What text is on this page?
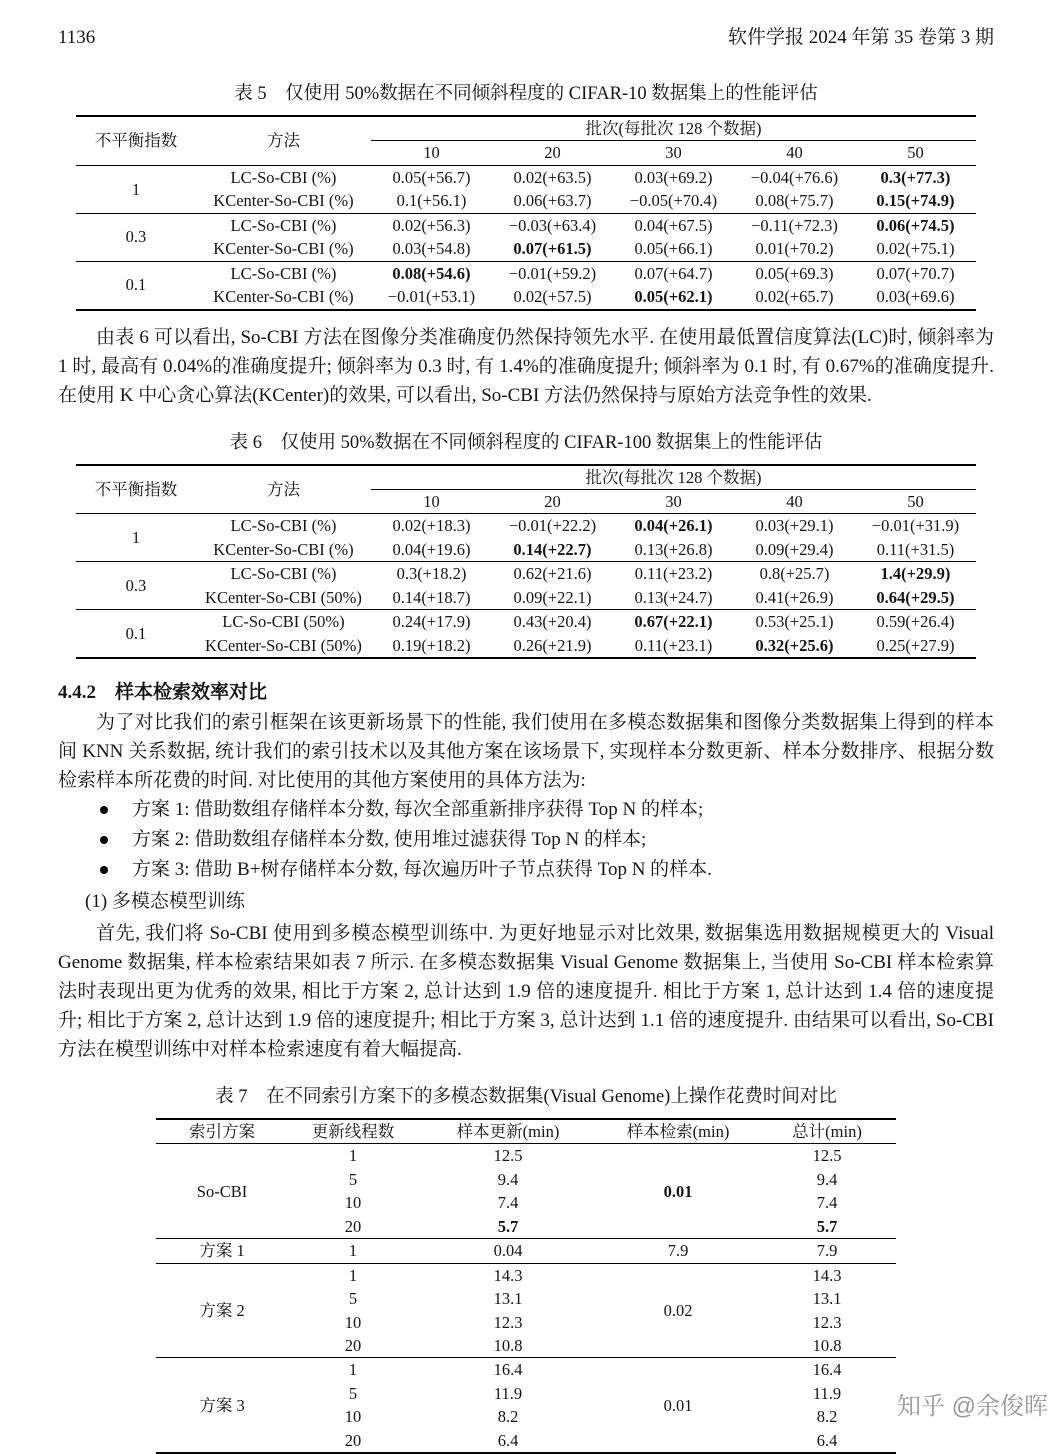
1136	软件学报 2024 年第 35 卷第 3 期
表 5　仅使用 50%数据在不同倾斜程度的 CIFAR-10 数据集上的性能评估
不平衡指数	方法	批次(每批次 128 个数据)				
		10	20	30	40	50
1	LC-So-CBI (%)	0.05(+56.7)	0.02(+63.5)	0.03(+69.2)	−0.04(+76.6)	0.3(+77.3)
	KCenter-So-CBI (%)	0.1(+56.1)	0.06(+63.7)	−0.05(+70.4)	0.08(+75.7)	0.15(+74.9)
0.3	LC-So-CBI (%)	0.02(+56.3)	−0.03(+63.4)	0.04(+67.5)	−0.11(+72.3)	0.06(+74.5)
	KCenter-So-CBI (%)	0.03(+54.8)	0.07(+61.5)	0.05(+66.1)	0.01(+70.2)	0.02(+75.1)
0.1	LC-So-CBI (%)	0.08(+54.6)	−0.01(+59.2)	0.07(+64.7)	0.05(+69.3)	0.07(+70.7)
	KCenter-So-CBI (%)	−0.01(+53.1)	0.02(+57.5)	0.05(+62.1)	0.02(+65.7)	0.03(+69.6)

由表 6 可以看出, So-CBI 方法在图像分类准确度仍然保持领先水平. 在使用最低置信度算法(LC)时, 倾斜率为 1 时, 最高有 0.04%的准确度提升; 倾斜率为 0.3 时, 有 1.4%的准确度提升; 倾斜率为 0.1 时, 有 0.67%的准确度提升. 在使用 K 中心贪心算法(KCenter)的效果, 可以看出, So-CBI 方法仍然保持与原始方法竞争性的效果.

表 6　仅使用 50%数据在不同倾斜程度的 CIFAR-100 数据集上的性能评估
不平衡指数	方法	批次(每批次 128 个数据)				
		10	20	30	40	50
1	LC-So-CBI (%)	0.02(+18.3)	−0.01(+22.2)	0.04(+26.1)	0.03(+29.1)	−0.01(+31.9)
	KCenter-So-CBI (%)	0.04(+19.6)	0.14(+22.7)	0.13(+26.8)	0.09(+29.4)	0.11(+31.5)
0.3	LC-So-CBI (%)	0.3(+18.2)	0.62(+21.6)	0.11(+23.2)	0.8(+25.7)	1.4(+29.9)
	KCenter-So-CBI (50%)	0.14(+18.7)	0.09(+22.1)	0.13(+24.7)	0.41(+26.9)	0.64(+29.5)
0.1	LC-So-CBI (50%)	0.24(+17.9)	0.43(+20.4)	0.67(+22.1)	0.53(+25.1)	0.59(+26.4)
	KCenter-So-CBI (50%)	0.19(+18.2)	0.26(+21.9)	0.11(+23.1)	0.32(+25.6)	0.25(+27.9)
4.4.2　样本检索效率对比

为了对比我们的索引框架在该更新场景下的性能, 我们使用在多模态数据集和图像分类数据集上得到的样本间 KNN 关系数据, 统计我们的索引技术以及其他方案在该场景下, 实现样本分数更新、样本分数排序、根据分数检索样本所花费的时间. 对比使用的其他方案使用的具体方法为:

方案 1: 借助数组存储样本分数, 每次全部重新排序获得 Top N 的样本;
方案 2: 借助数组存储样本分数, 使用堆过滤获得 Top N 的样本;
方案 3: 借助 B+树存储样本分数, 每次遍历叶子节点获得 Top N 的样本.
(1) 多模态模型训练

首先, 我们将 So-CBI 使用到多模态模型训练中. 为更好地显示对比效果, 数据集选用数据规模更大的 Visual Genome 数据集, 样本检索结果如表 7 所示. 在多模态数据集 Visual Genome 数据集上, 当使用 So-CBI 样本检索算法时表现出更为优秀的效果, 相比于方案 2, 总计达到 1.9 倍的速度提升. 相比于方案 1, 总计达到 1.4 倍的速度提升; 相比于方案 2, 总计达到 1.9 倍的速度提升; 相比于方案 3, 总计达到 1.1 倍的速度提升. 由结果可以看出, So-CBI 方法在模型训练中对样本检索速度有着大幅提高.

表 7　在不同索引方案下的多模态数据集(Visual Genome)上操作花费时间对比
索引方案	更新线程数	样本更新(min)	样本检索(min)	总计(min)
So-CBI	1	12.5	0.01	12.5
	5	9.4		9.4
	10	7.4		7.4
	20	5.7		5.7
方案 1	1	0.04	7.9	7.9
方案 2	1	14.3	0.02	14.3
	5	13.1		13.1
	10	12.3		12.3
	20	10.8		10.8
方案 3	1	16.4	0.01	16.4
	5	11.9		11.9
	10	8.2		8.2
	20	6.4		6.4
知乎 @余俊晖
